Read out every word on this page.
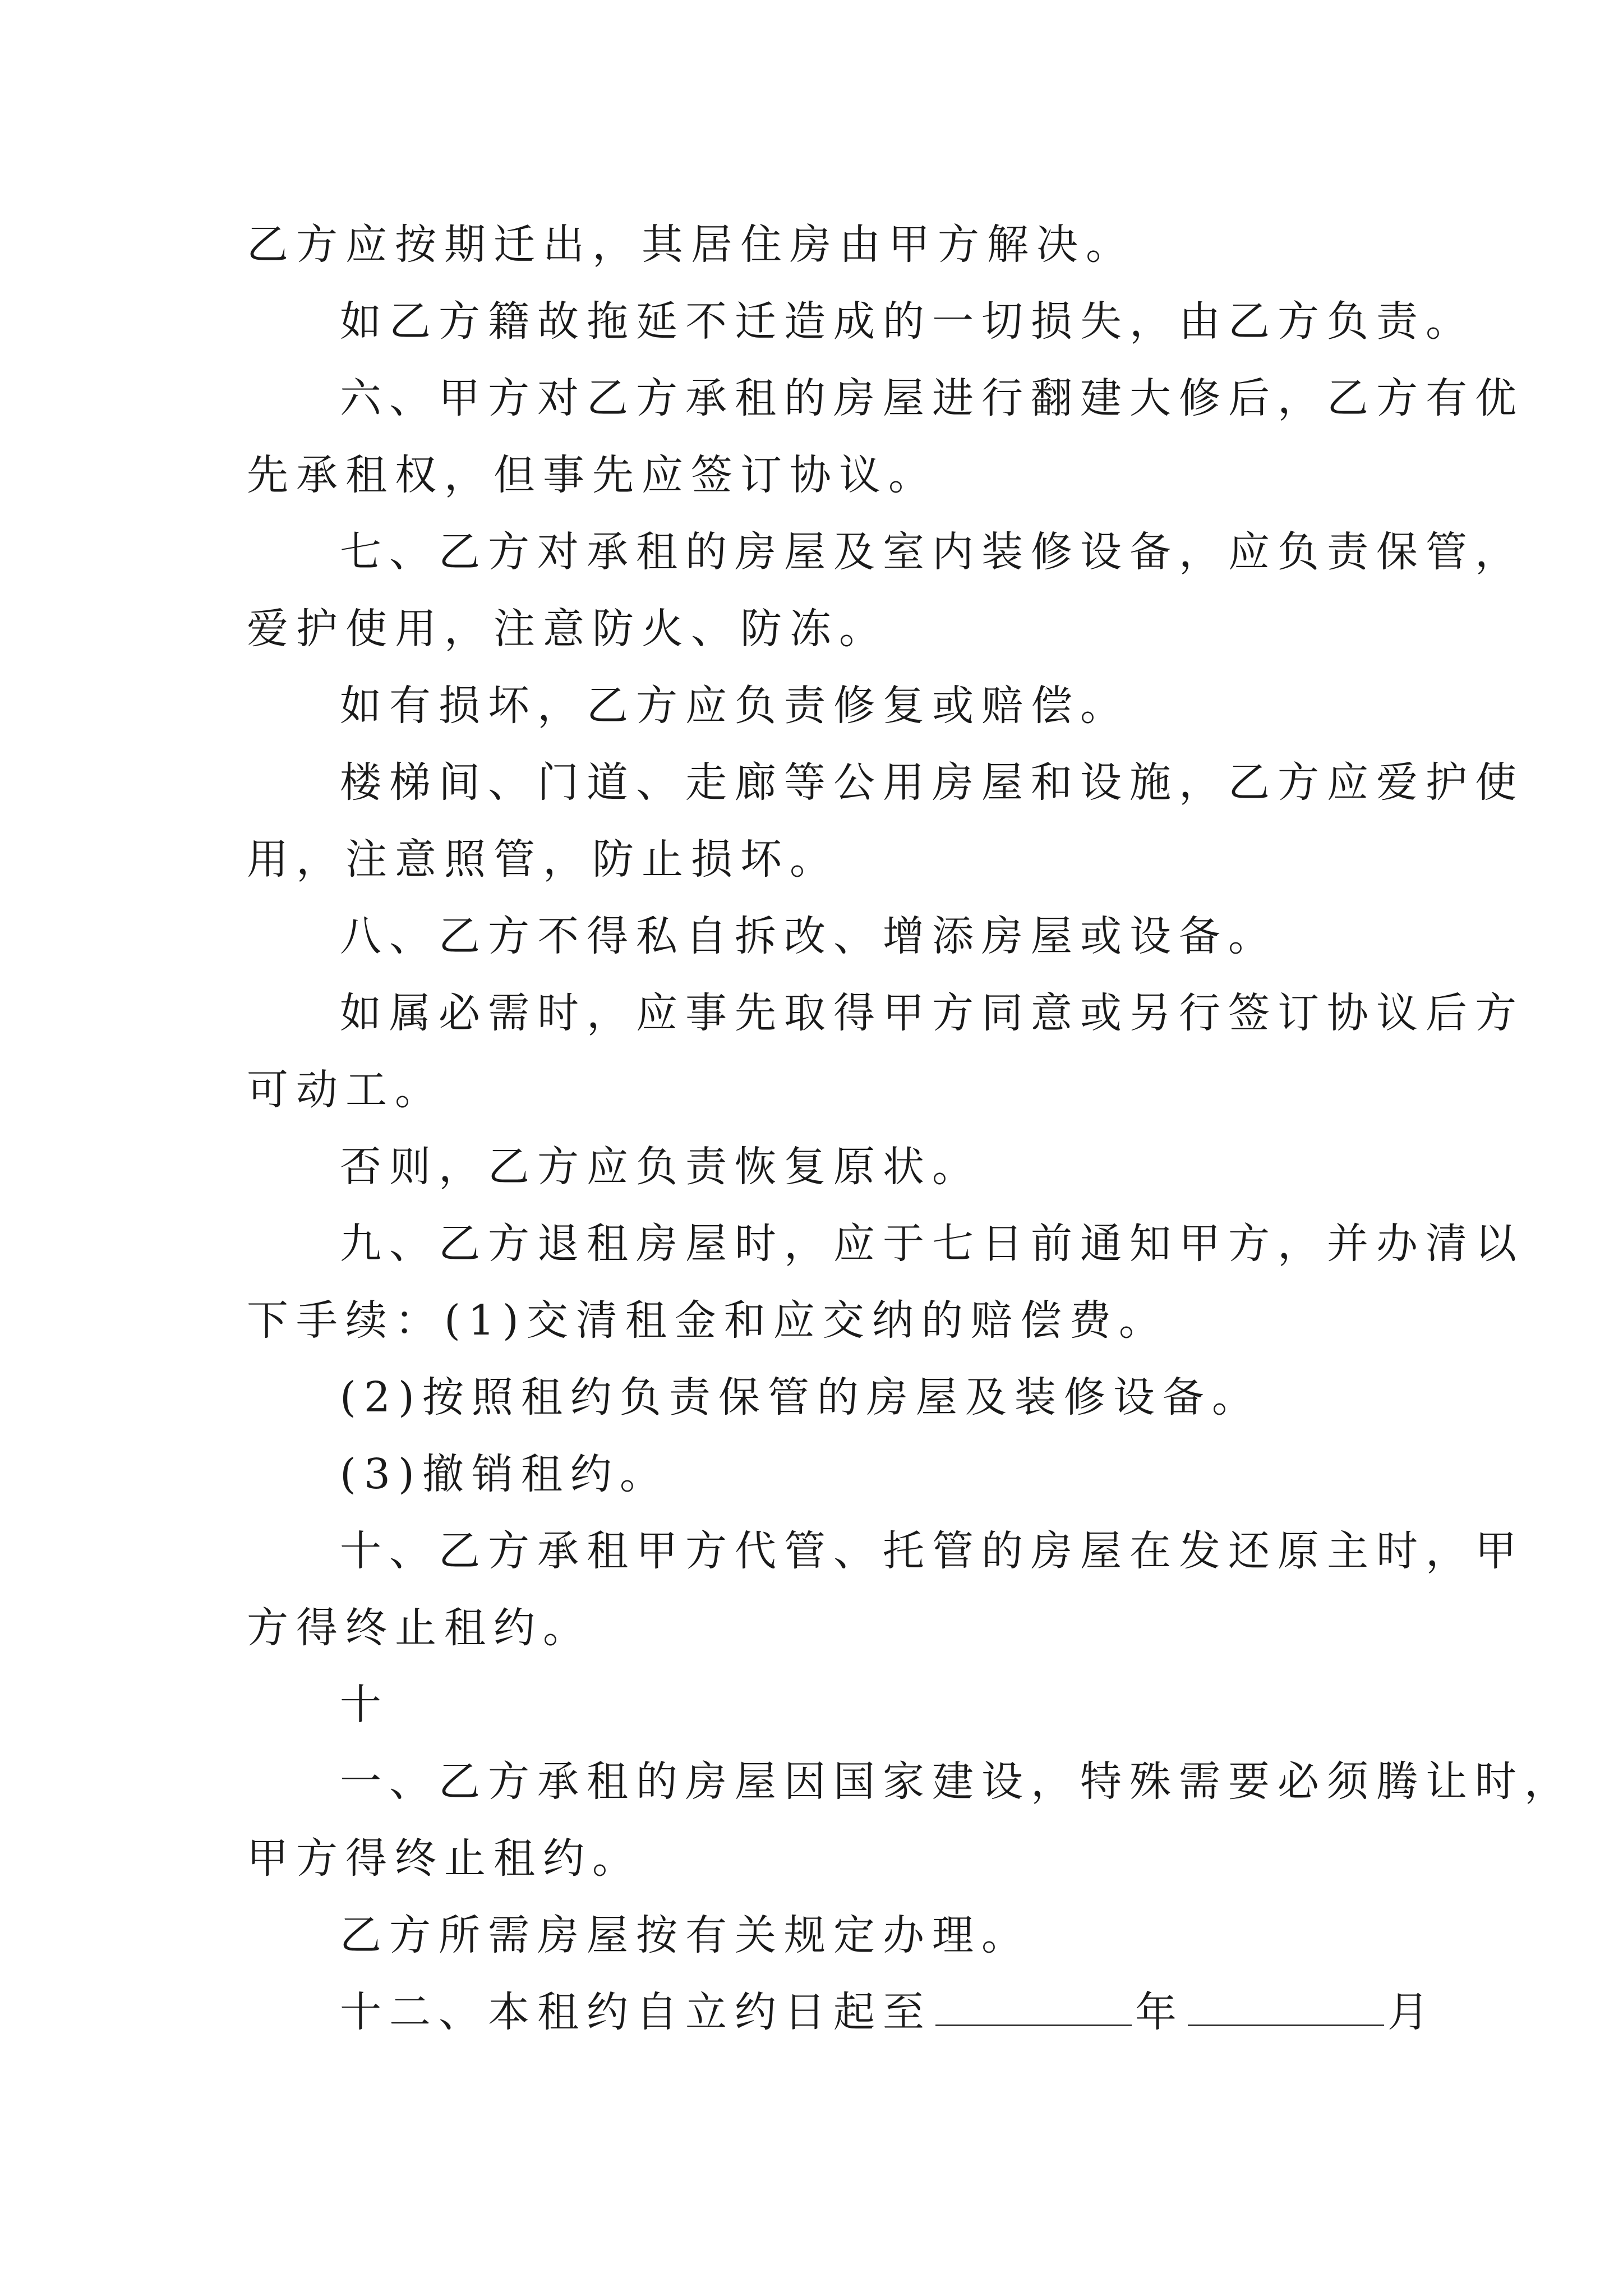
乙方应按期迁出，其居住房由甲方解决。
如乙方籍故拖延不迁造成的一切损失，由乙方负责。
六、甲方对乙方承租的房屋进行翻建大修后，乙方有优
先承租权，但事先应签订协议。
七、乙方对承租的房屋及室内装修设备，应负责保管，
爱护使用，注意防火、防冻。
如有损坏，乙方应负责修复或赔偿。
楼梯间、门道、走廊等公用房屋和设施，乙方应爱护使
用，注意照管，防止损坏。
八、乙方不得私自拆改、增添房屋或设备。
如属必需时，应事先取得甲方同意或另行签订协议后方
可动工。
否则，乙方应负责恢复原状。
九、乙方退租房屋时，应于七日前通知甲方，并办清以
下手续：(1)交清租金和应交纳的赔偿费。
(2)按照租约负责保管的房屋及装修设备。
(3)撤销租约。
十、乙方承租甲方代管、托管的房屋在发还原主时，甲
方得终止租约。
十
一、乙方承租的房屋因国家建设，特殊需要必须腾让时，
甲方得终止租约。
乙方所需房屋按有关规定办理。
十二、本租约自立约日起至	年	月
